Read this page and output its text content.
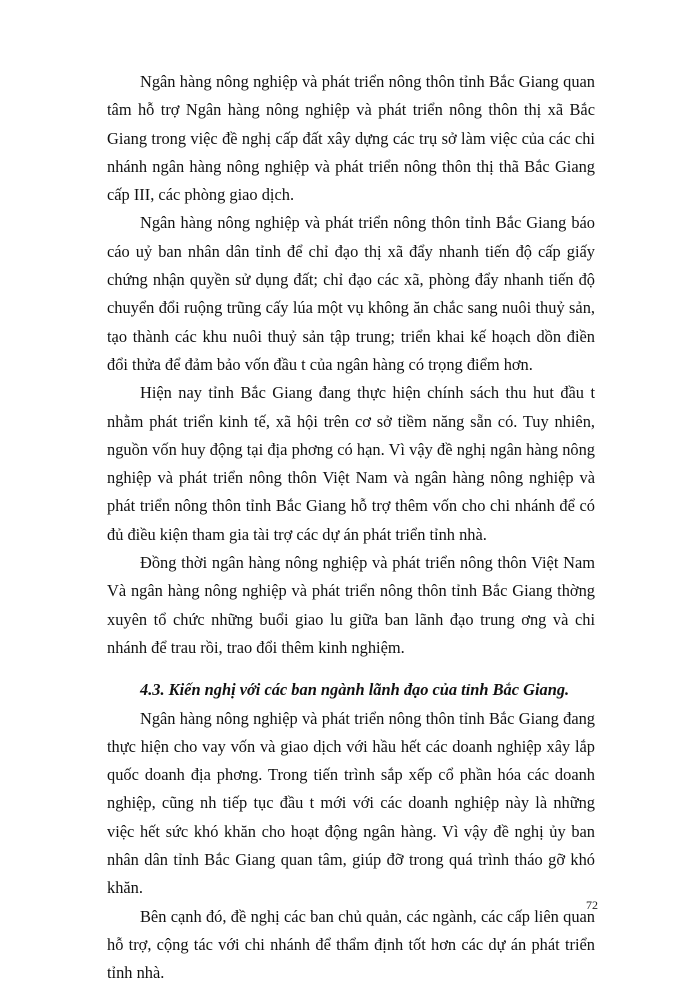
Ngân hàng nông nghiệp và phát triển nông thôn tỉnh Bắc Giang quan tâm hỗ trợ Ngân hàng nông nghiệp và phát triển nông thôn thị xã Bắc Giang trong việc đề nghị cấp đất xây dựng các trụ sở làm việc của các chi nhánh ngân hàng nông nghiệp và phát triển nông thôn thị thã Bắc Giang cấp III, các phòng giao dịch.

Ngân hàng nông nghiệp và phát triển nông thôn tỉnh Bắc Giang báo cáo uỷ ban nhân dân tỉnh để chỉ đạo thị xã đẩy nhanh tiến độ cấp giấy chứng nhận quyền sử dụng đất; chỉ đạo các xã, phòng đẩy nhanh tiến độ chuyển đổi ruộng trũng cấy lúa một vụ không ăn chắc sang nuôi thuỷ sản, tạo thành các khu nuôi thuỷ sản tập trung; triển khai kế hoạch dồn điền đổi thửa để đảm bảo vốn đầu t của ngân hàng có trọng điểm hơn.

Hiện nay tỉnh Bắc Giang đang thực hiện chính sách thu hut đầu t nhằm phát triển kinh tế, xã hội trên cơ sở tiềm năng sẵn có. Tuy nhiên, nguồn vốn huy động tại địa phơng có hạn. Vì vậy đề nghị ngân hàng nông nghiệp và phát triển nông thôn Việt Nam và ngân hàng nông nghiệp và phát triển nông thôn tỉnh Bắc Giang hỗ trợ thêm vốn cho chi nhánh để có đủ điều kiện tham gia tài trợ các dự án phát triển tỉnh nhà.

Đồng thời ngân hàng nông nghiệp và phát triển nông thôn Việt Nam Và ngân hàng nông nghiệp và phát triển nông thôn tỉnh Bắc Giang thờng xuyên tổ chức những buổi giao lu giữa ban lãnh đạo trung ơng và chi nhánh để trau rồi, trao đổi thêm kinh nghiệm.

4.3. Kiến nghị với các ban ngành lãnh đạo của tỉnh Bắc Giang.

Ngân hàng nông nghiệp và phát triển nông thôn tỉnh Bắc Giang đang thực hiện cho vay vốn và giao dịch với hầu hết các doanh nghiệp xây lắp quốc doanh địa phơng. Trong tiến trình sắp xếp cổ phần hóa các doanh nghiệp, cũng nh tiếp tục đầu t mới với các doanh nghiệp này là những việc hết sức khó khăn cho hoạt động ngân hàng. Vì vậy đề nghị ủy ban nhân dân tỉnh Bắc Giang quan tâm, giúp đỡ trong quá trình tháo gỡ khó khăn.

Bên cạnh đó, đề nghị các ban chủ quản, các ngành, các cấp liên quan hỗ trợ, cộng tác với chi nhánh để thẩm định tốt hơn các dự án phát triển tỉnh nhà.

72
